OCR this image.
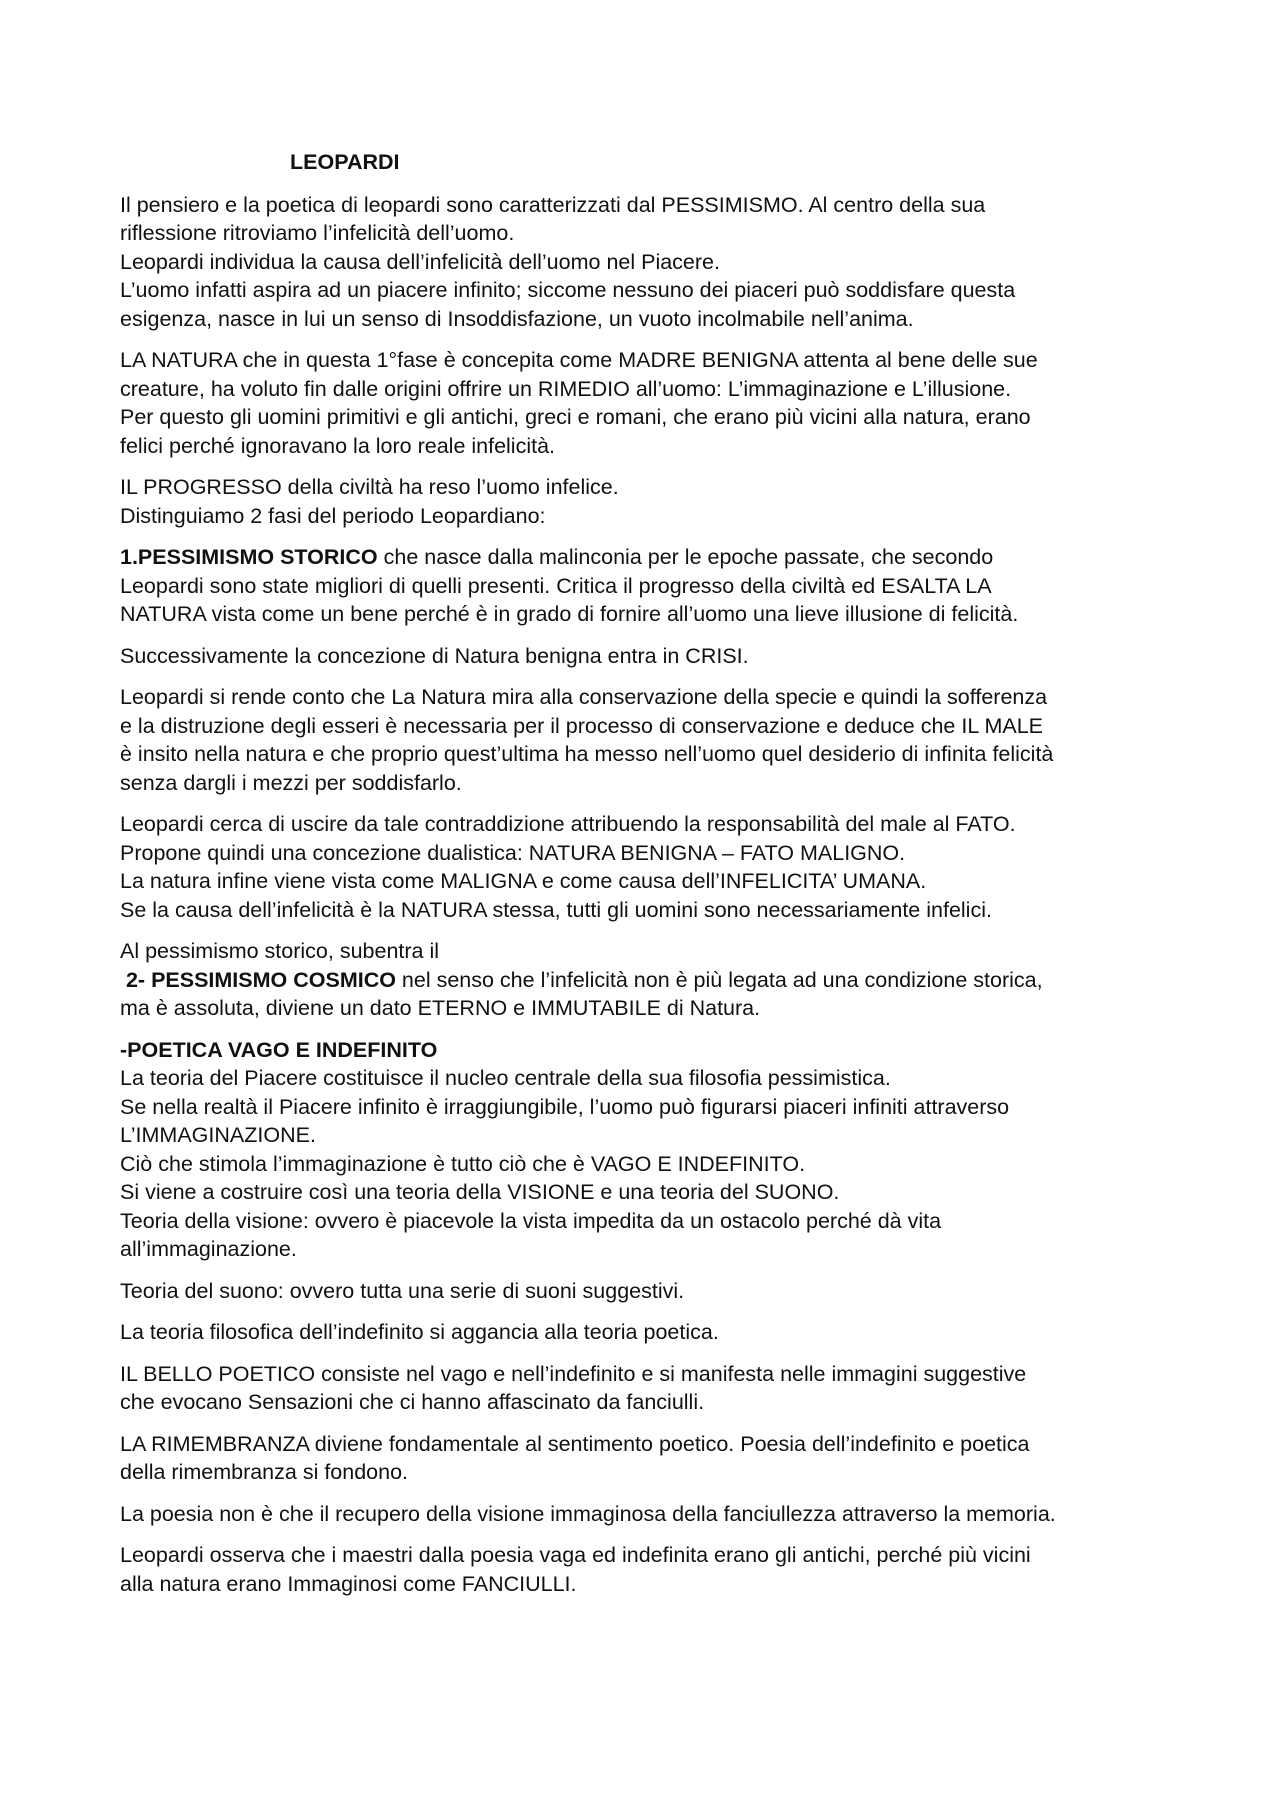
LEOPARDI

Il pensiero e la poetica di leopardi sono caratterizzati dal PESSIMISMO. Al centro della sua
riflessione ritroviamo l’infelicità dell’uomo.
Leopardi individua la causa dell’infelicità dell’uomo nel Piacere.
L’uomo infatti aspira ad un piacere infinito; siccome nessuno dei piaceri può soddisfare questa
esigenza, nasce in lui un senso di Insoddisfazione, un vuoto incolmabile nell’anima.

LA NATURA che in questa 1°fase è concepita come MADRE BENIGNA attenta al bene delle sue
creature, ha voluto fin dalle origini offrire un RIMEDIO all’uomo: L’immaginazione e L’illusione.
Per questo gli uomini primitivi e gli antichi, greci e romani, che erano più vicini alla natura, erano
felici perché ignoravano la loro reale infelicità.

IL PROGRESSO della civiltà ha reso l’uomo infelice.
Distinguiamo 2 fasi del periodo Leopardiano:

1.PESSIMISMO STORICO che nasce dalla malinconia per le epoche passate, che secondo
Leopardi sono state migliori di quelli presenti. Critica il progresso della civiltà ed ESALTA LA
NATURA vista come un bene perché è in grado di fornire all’uomo una lieve illusione di felicità.

Successivamente la concezione di Natura benigna entra in CRISI.

Leopardi si rende conto che La Natura mira alla conservazione della specie e quindi la sofferenza
e la distruzione degli esseri è necessaria per il processo di conservazione e deduce che IL MALE
è insito nella natura e che proprio quest’ultima ha messo nell’uomo quel desiderio di infinita felicità
senza dargli i mezzi per soddisfarlo.

Leopardi cerca di uscire da tale contraddizione attribuendo la responsabilità del male al FATO.
Propone quindi una concezione dualistica: NATURA BENIGNA – FATO MALIGNO.
La natura infine viene vista come MALIGNA e come causa dell’INFELICITA’ UMANA.
Se la causa dell’infelicità è la NATURA stessa, tutti gli uomini sono necessariamente infelici.

Al pessimismo storico, subentra il
2- PESSIMISMO COSMICO nel senso che l’infelicità non è più legata ad una condizione storica,
ma è assoluta, diviene un dato ETERNO e IMMUTABILE di Natura.

-POETICA VAGO E INDEFINITO
La teoria del Piacere costituisce il nucleo centrale della sua filosofia pessimistica.
Se nella realtà il Piacere infinito è irraggiungibile, l’uomo può figurarsi piaceri infiniti attraverso
L’IMMAGINAZIONE.
Ciò che stimola l’immaginazione è tutto ciò che è VAGO E INDEFINITO.
Si viene a costruire così una teoria della VISIONE e una teoria del SUONO.
Teoria della visione: ovvero è piacevole la vista impedita da un ostacolo perché dà vita
all’immaginazione.

Teoria del suono: ovvero tutta una serie di suoni suggestivi.

La teoria filosofica dell’indefinito si aggancia alla teoria poetica.

IL BELLO POETICO consiste nel vago e nell’indefinito e si manifesta nelle immagini suggestive
che evocano Sensazioni che ci hanno affascinato da fanciulli.

LA RIMEMBRANZA diviene fondamentale al sentimento poetico. Poesia dell’indefinito e poetica
della rimembranza si fondono.

La poesia non è che il recupero della visione immaginosa della fanciullezza attraverso la memoria.

Leopardi osserva che i maestri dalla poesia vaga ed indefinita erano gli antichi, perché più vicini
alla natura erano Immaginosi come FANCIULLI.
